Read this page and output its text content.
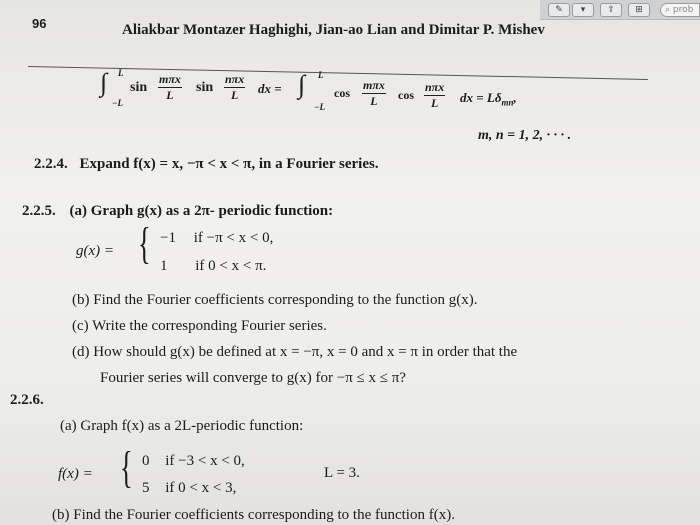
✎	▾	⇪	⊞	⌕ prob
96	Aliakbar Montazer Haghighi, Jian-ao Lian and Dimitar P. Mishev
∫ L
−L
sin
mπx
L	sin
nπx
L	dx = ∫ L
−L
cos
mπx
L	cos
nπx
L	dx = $L\delta_{mn}$,
m, n = 1, 2, · · · .
2.2.4. Expand f(x) = x, −π < x < π, in a Fourier series.
2.2.5. (a) Graph g(x) as a 2π- periodic function:
g(x) = { −1 if −π < x < 0,
1 if 0 < x < π.
(b) Find the Fourier coefficients corresponding to the function g(x).
(c) Write the corresponding Fourier series.
(d) How should g(x) be defined at x = −π, x = 0 and x = π in order that the
Fourier series will converge to g(x) for −π ≤ x ≤ π?
2.2.6.
(a) Graph f(x) as a 2L-periodic function:
f(x) = { 0 if −3 < x < 0,
5 if 0 < x < 3,
L = 3.
(b) Find the Fourier coefficients corresponding to the function f(x).
